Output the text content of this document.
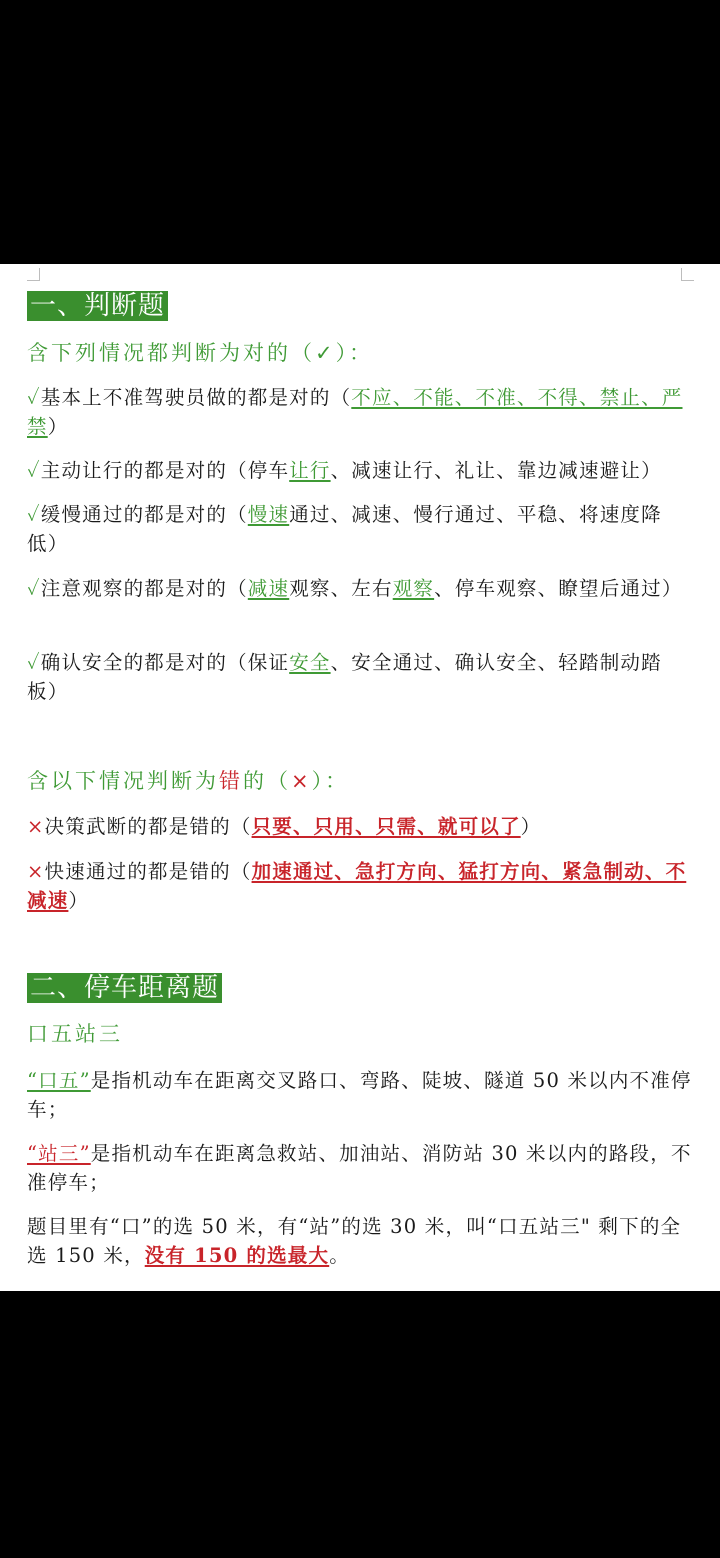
一、判断题
含下列情况都判断为对的（✓）：
✓基本上不准驾驶员做的都是对的（不应、不能、不准、不得、禁止、严禁）
✓主动让行的都是对的（停车让行、减速让行、礼让、靠边减速避让）
✓缓慢通过的都是对的（慢速通过、减速、慢行通过、平稳、将速度降低）
✓注意观察的都是对的（减速观察、左右观察、停车观察、瞭望后通过）
✓确认安全的都是对的（保证安全、安全通过、确认安全、轻踏制动踏板）
含以下情况判断为错的（×）：
×决策武断的都是错的（只要、只用、只需、就可以了）
×快速通过的都是错的（加速通过、急打方向、猛打方向、紧急制动、不减速）
二、停车距离题
口五站三
“口五”是指机动车在距离交叉路口、弯路、陡坡、隧道 50 米以内不准停车；
“站三”是指机动车在距离急救站、加油站、消防站 30 米以内的路段，不准停车；
题目里有“口”的选 50 米，有“站”的选 30 米，叫“口五站三" 剩下的全选 150 米，没有 150 的选最大。
